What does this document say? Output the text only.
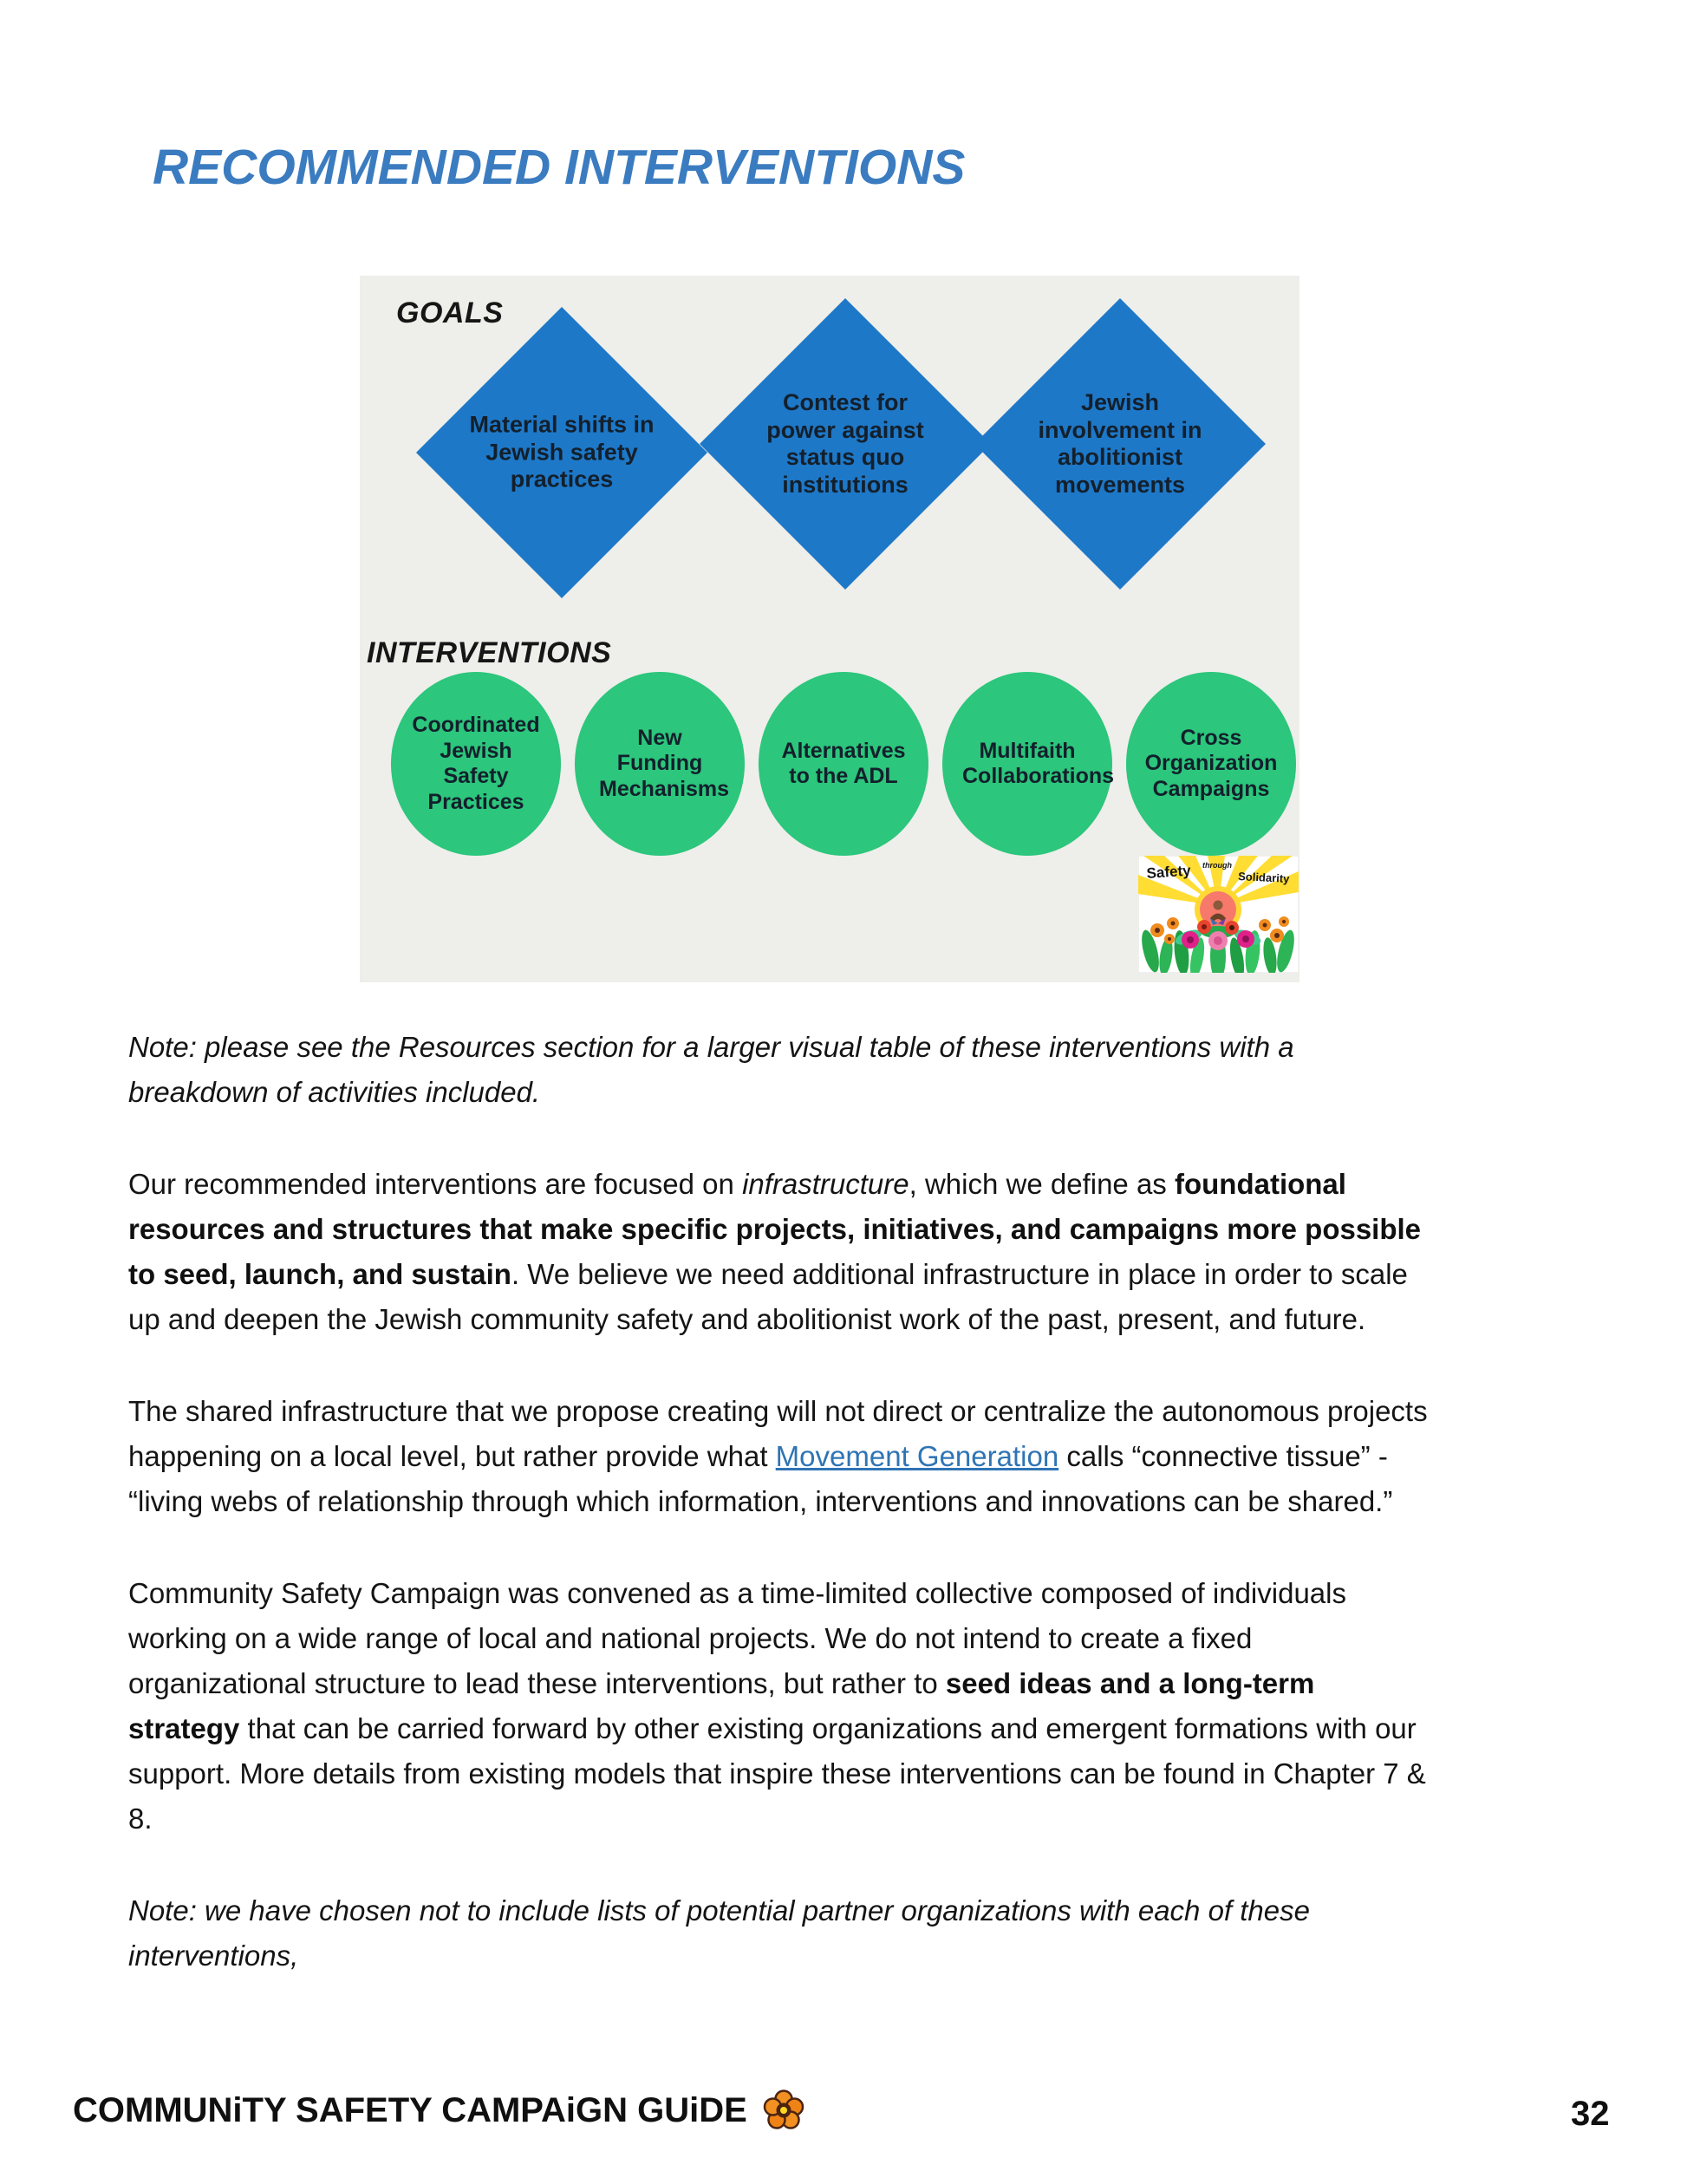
RECOMMENDED INTERVENTIONS
GOALS
Material shifts in Jewish safety practices
Contest for power against status quo institutions
Jewish involvement in abolitionist movements
INTERVENTIONS
Coordinated Jewish Safety Practices
New Funding Mechanisms
Alternatives to the ADL
Multifaith Collaborations
Cross Organization Campaigns
Safety through
Solidarity

Note: please see the Resources section for a larger visual table of these interventions with a breakdown of activities included.

Our recommended interventions are focused on infrastructure, which we define as foundational resources and structures that make specific projects, initiatives, and campaigns more possible to seed, launch, and sustain. We believe we need additional infrastructure in place in order to scale up and deepen the Jewish community safety and abolitionist work of the past, present, and future.

The shared infrastructure that we propose creating will not direct or centralize the autonomous projects happening on a local level, but rather provide what Movement Generation calls “connective tissue” - “living webs of relationship through which information, interventions and innovations can be shared.”

Community Safety Campaign was convened as a time-limited collective composed of individuals working on a wide range of local and national projects. We do not intend to create a fixed organizational structure to lead these interventions, but rather to seed ideas and a long-term strategy that can be carried forward by other existing organizations and emergent formations with our support. More details from existing models that inspire these interventions can be found in Chapter 7 & 8.

Note: we have chosen not to include lists of potential partner organizations with each of these interventions,

COMMUNiTY SAFETY CAMPAiGN GUiDE	32
